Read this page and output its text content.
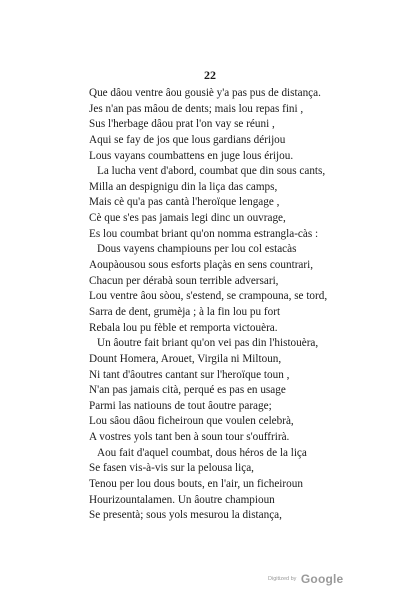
22
Que dâou ventre âou gousiè y'a pas pus de distança.
Jes n'an pas mâou de dents; mais lou repas fini ,
Sus l'herbage dâou prat l'on vay se réuni ,
Aqui se fay de jos que lous gardians dérijou
Lous vayans coumbattens en juge lous érijou.
La lucha vent d'abord, coumbat que din sous cants,
Milla an despignigu din la liça das camps,
Mais cè qu'a pas cantà l'heroïque lengage ,
Cè que s'es pas jamais legi dinc un ouvrage,
Es lou coumbat briant qu'on nomma estrangla-càs :
Dous vayens champiouns per lou col estacàs
Aoupàousou sous esforts plaçàs en sens countrari,
Chacun per dérabà soun terrible adversari,
Lou ventre âou sòou, s'estend, se crampouna, se tord,
Sarra de dent, grumèja ; à la fin lou pu fort
Rebala lou pu fèble et remporta victouèra.
Un âoutre fait briant qu'on vei pas din l'histouèra,
Dount Homera, Arouet, Virgila ni Miltoun,
Ni tant d'âoutres cantant sur l'heroïque toun ,
N'an pas jamais cità, perqué es pas en usage
Parmi las natiouns de tout âoutre parage;
Lou sâou dâou ficheiroun que voulen celebrà,
A vostres yols tant ben à soun tour s'ouffrirà.
Aou fait d'aquel coumbat, dous héros de la liça
Se fasen vis-à-vis sur la pelousa liça,
Tenou per lou dous bouts, en l'air, un ficheiroun
Hourizountalamen. Un âoutre champioun
Se presentà; sous yols mesurou la distança,
Digitized by Google
